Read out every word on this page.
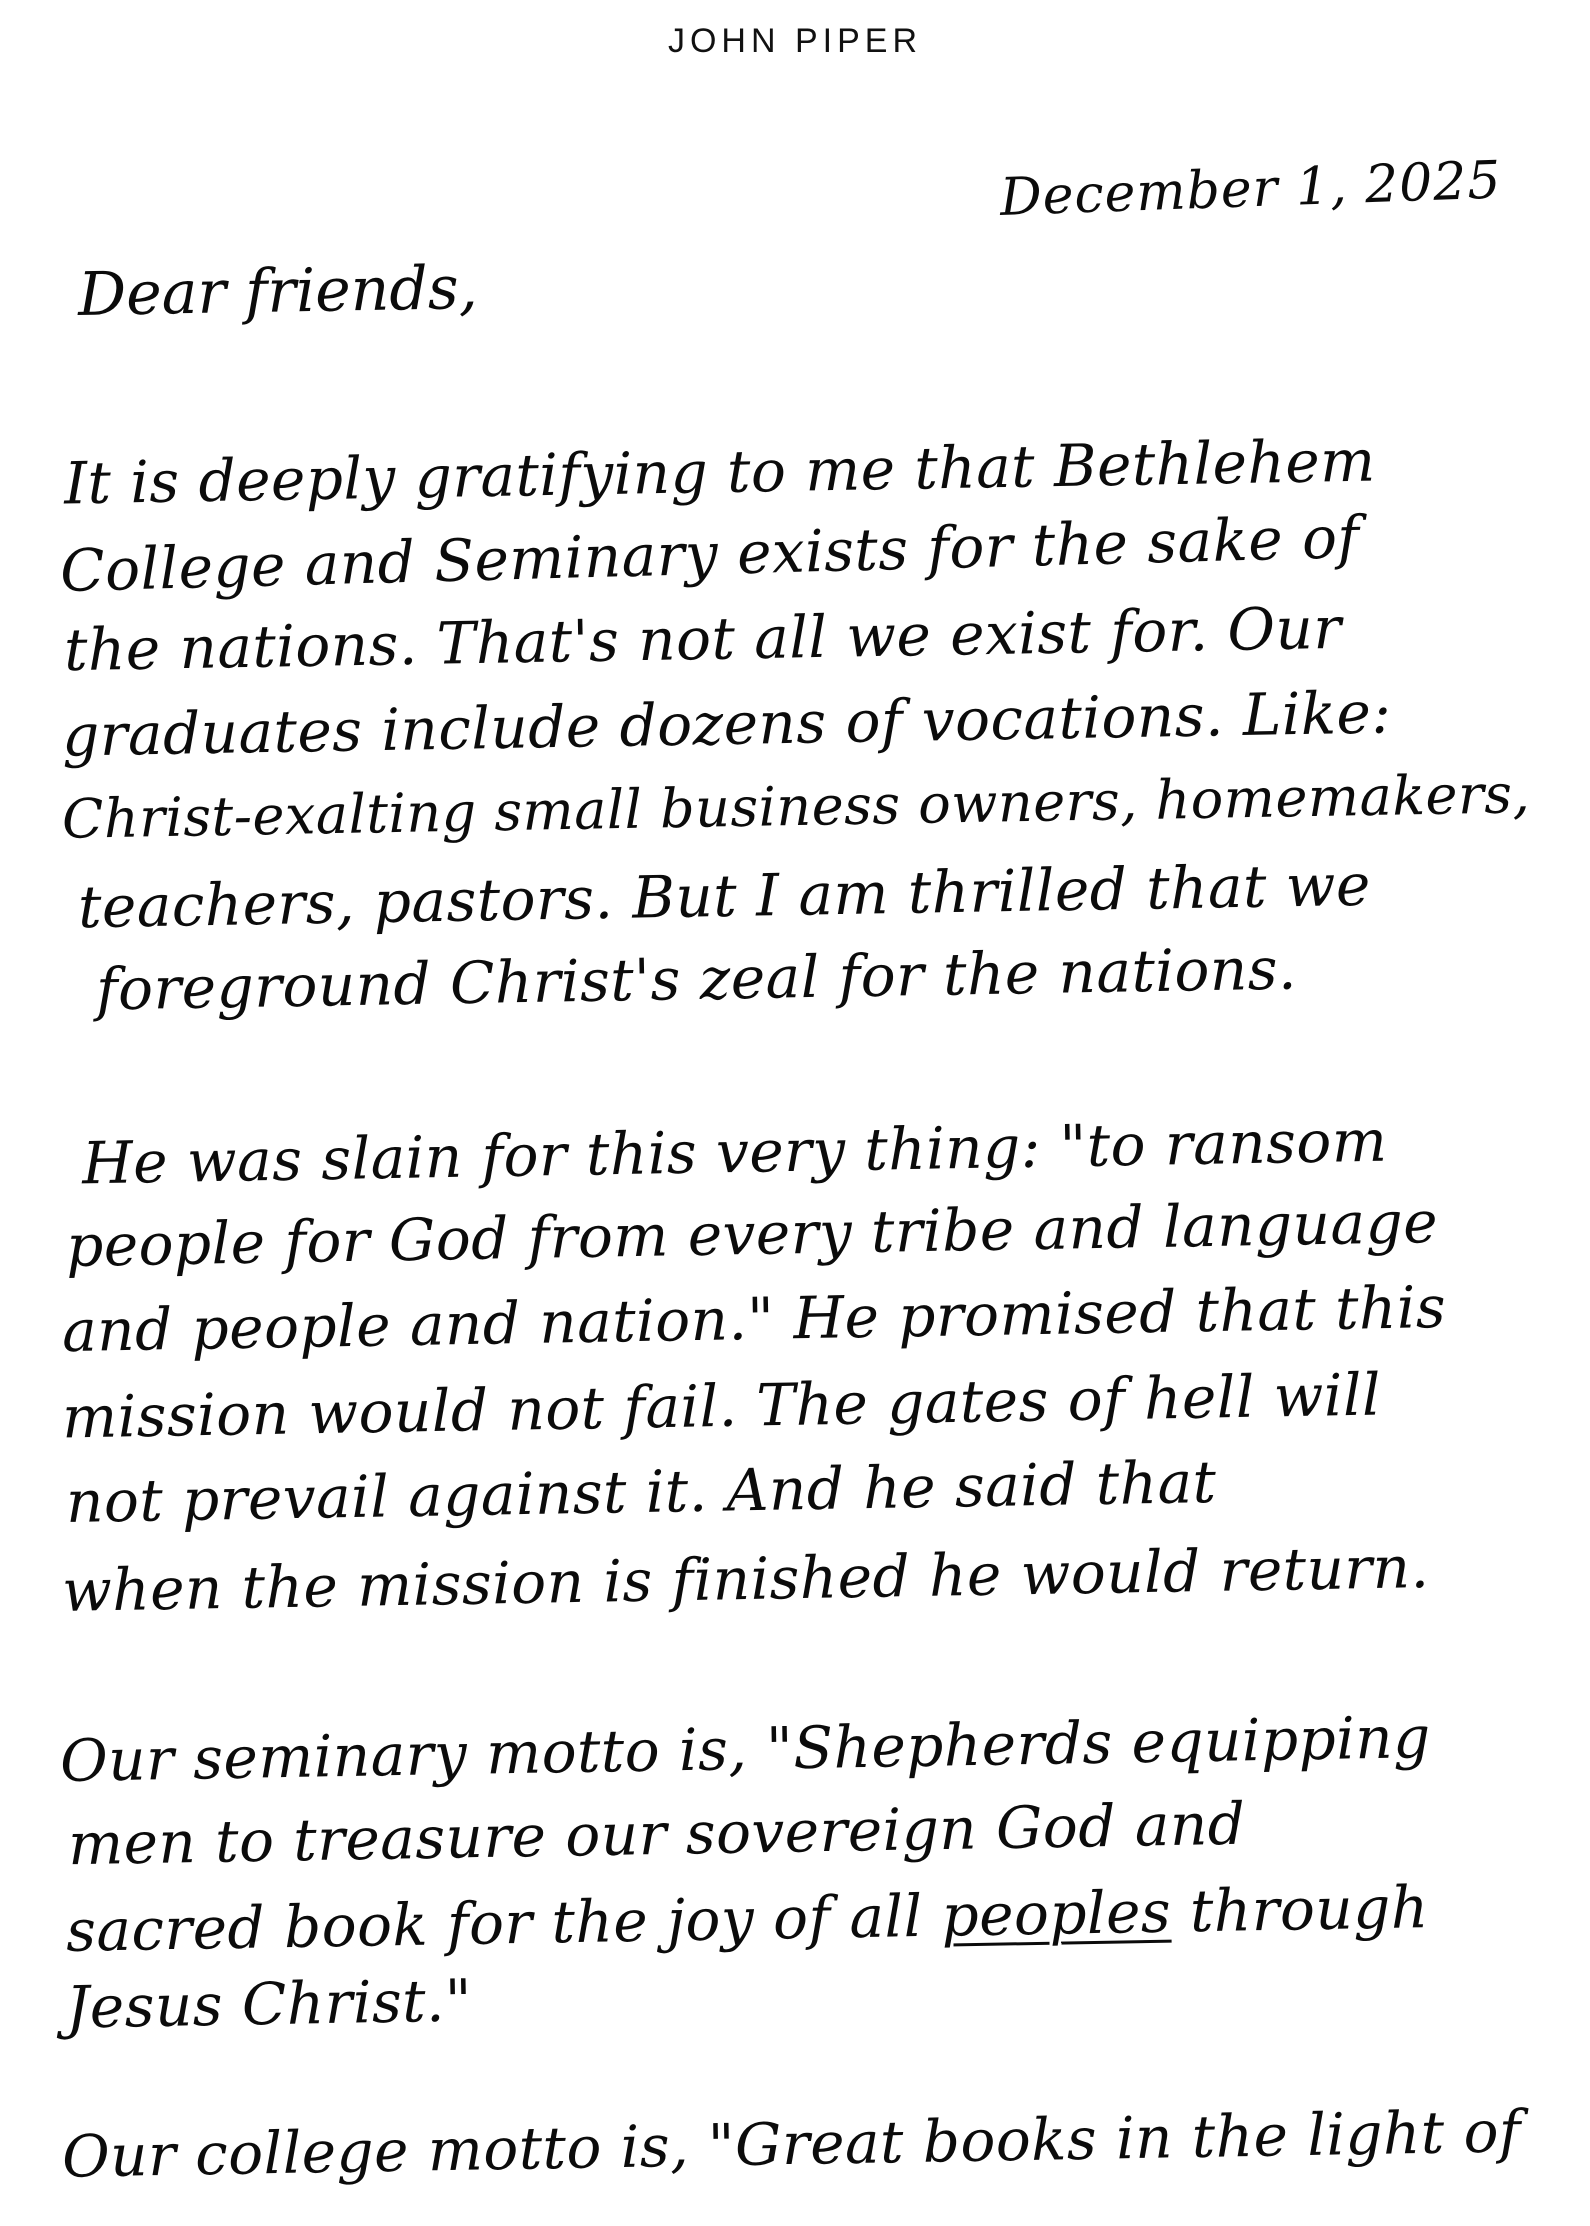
JOHN PIPER

December 1, 2025

Dear friends,

It is deeply gratifying to me that Bethlehem

College and Seminary exists for the sake of

the nations. That's not all we exist for. Our

graduates include dozens of vocations. Like:

Christ-exalting small business owners, homemakers,

teachers, pastors. But I am thrilled that we

foreground Christ's zeal for the nations.

He was slain for this very thing: "to ransom

people for God from every tribe and language

and people and nation." He promised that this

mission would not fail. The gates of hell will

not prevail against it. And he said that

when the mission is finished he would return.

Our seminary motto is, "Shepherds equipping

men to treasure our sovereign God and

sacred book for the joy of all peoples through

Jesus Christ."

Our college motto is, "Great books in the light of
